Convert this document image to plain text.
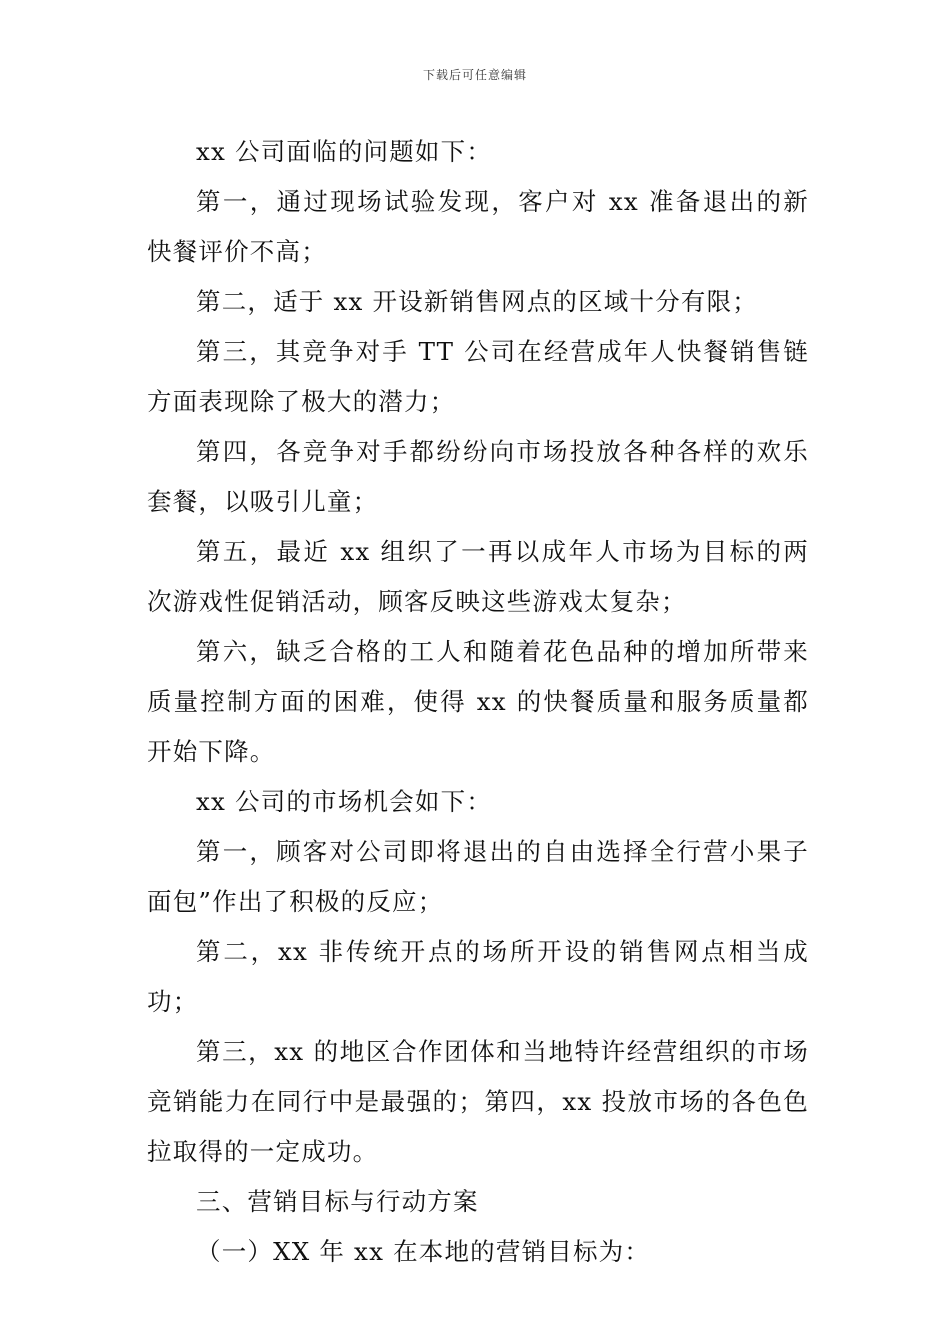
下载后可任意编辑

xx 公司面临的问题如下：

第一，通过现场试验发现，客户对 xx 准备退出的新快餐评价不高；

第二，适于 xx 开设新销售网点的区域十分有限；

第三，其竞争对手 TT 公司在经营成年人快餐销售链方面表现除了极大的潜力；

第四，各竞争对手都纷纷向市场投放各种各样的欢乐套餐，以吸引儿童；

第五，最近 xx 组织了一再以成年人市场为目标的两次游戏性促销活动，顾客反映这些游戏太复杂；

第六，缺乏合格的工人和随着花色品种的增加所带来质量控制方面的困难，使得 xx 的快餐质量和服务质量都开始下降。

xx 公司的市场机会如下：

第一，顾客对公司即将退出的自由选择全行营小果子面包”作出了积极的反应；

第二，xx 非传统开点的场所开设的销售网点相当成功；

第三，xx 的地区合作团体和当地特许经营组织的市场竞销能力在同行中是最强的；第四，xx 投放市场的各色色拉取得的一定成功。

三、营销目标与行动方案

（一）XX 年 xx 在本地的营销目标为：
